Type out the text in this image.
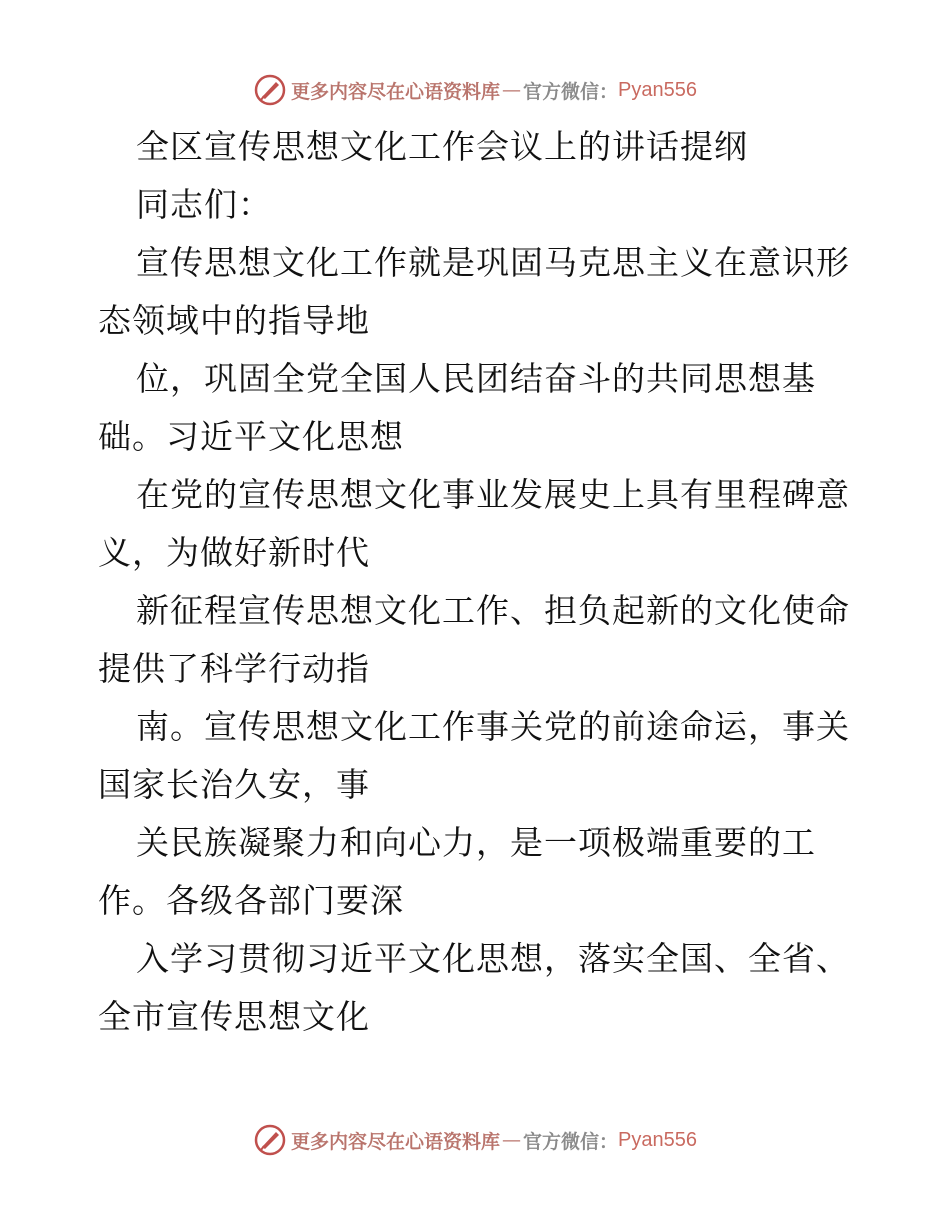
更多内容尽在心语资料库 — 官方微信： Pyan556

全区宣传思想文化工作会议上的讲话提纲

同志们：

宣传思想文化工作就是巩固马克思主义在意识形

态领域中的指导地

位，巩固全党全国人民团结奋斗的共同思想基

础。习近平文化思想

在党的宣传思想文化事业发展史上具有里程碑意

义，为做好新时代

新征程宣传思想文化工作、担负起新的文化使命

提供了科学行动指

南。宣传思想文化工作事关党的前途命运，事关

国家长治久安，事

关民族凝聚力和向心力，是一项极端重要的工

作。各级各部门要深

入学习贯彻习近平文化思想，落实全国、全省、

全市宣传思想文化

更多内容尽在心语资料库 — 官方微信： Pyan556
